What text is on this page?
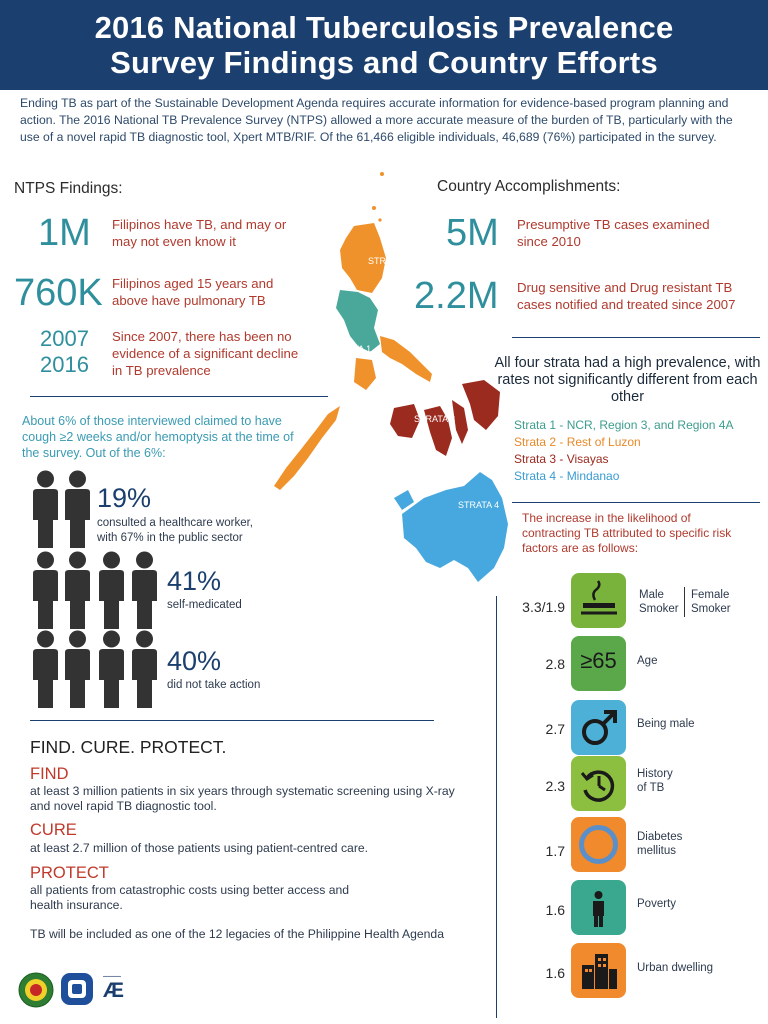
2016 National Tuberculosis Prevalence
Survey Findings and Country Efforts
Ending TB as part of the Sustainable Development Agenda requires accurate information for evidence-based program planning and action. The 2016 National TB Prevalence Survey (NTPS) allowed a more accurate measure of the burden of TB, particularly with the use of a novel rapid TB diagnostic tool, Xpert MTB/RIF. Of the 61,466 eligible individuals, 46,689 (76%) participated in the survey.
NTPS Findings:
1M Filipinos have TB, and may or may not even know it
760K Filipinos aged 15 years and above have pulmonary TB
2007
2016
Since 2007, there has been no evidence of a significant decline in TB prevalence
About 6% of those interviewed claimed to have cough ≥2 weeks and/or hemoptysis at the time of the survey. Out of the 6%:
19%
consulted a healthcare worker,
with 67% in the public sector
41%
self-medicated
40%
did not take action
FIND. CURE. PROTECT.
FIND
at least 3 million patients in six years through systematic screening using X-ray and novel rapid TB diagnostic tool.
CURE
at least 2.7 million of those patients using patient-centred care.
PROTECT
all patients from catastrophic costs using better access and health insurance.
TB will be included as one of the 12 legacies of the Philippine Health Agenda
———
Æ
STRATA 2
STRATA 1
STRATA 3
STRATA 4
Country Accomplishments:
5M Presumptive TB cases examined since 2010
2.2M Drug sensitive and Drug resistant TB cases notified and treated since 2007
All four strata had a high prevalence, with rates not significantly different from each other
Strata 1 - NCR, Region 3, and Region 4A
Strata 2 - Rest of Luzon
Strata 3 - Visayas
Strata 4 - Mindanao
The increase in the likelihood of contracting TB attributed to specific risk factors are as follows:
3.3/1.9
Male
Smoker
Female
Smoker
2.8 ≥65	Age
2.7	Being male
2.3
History
of TB
1.7
Diabetes
mellitus
1.6	Poverty
1.6	Urban dwelling
